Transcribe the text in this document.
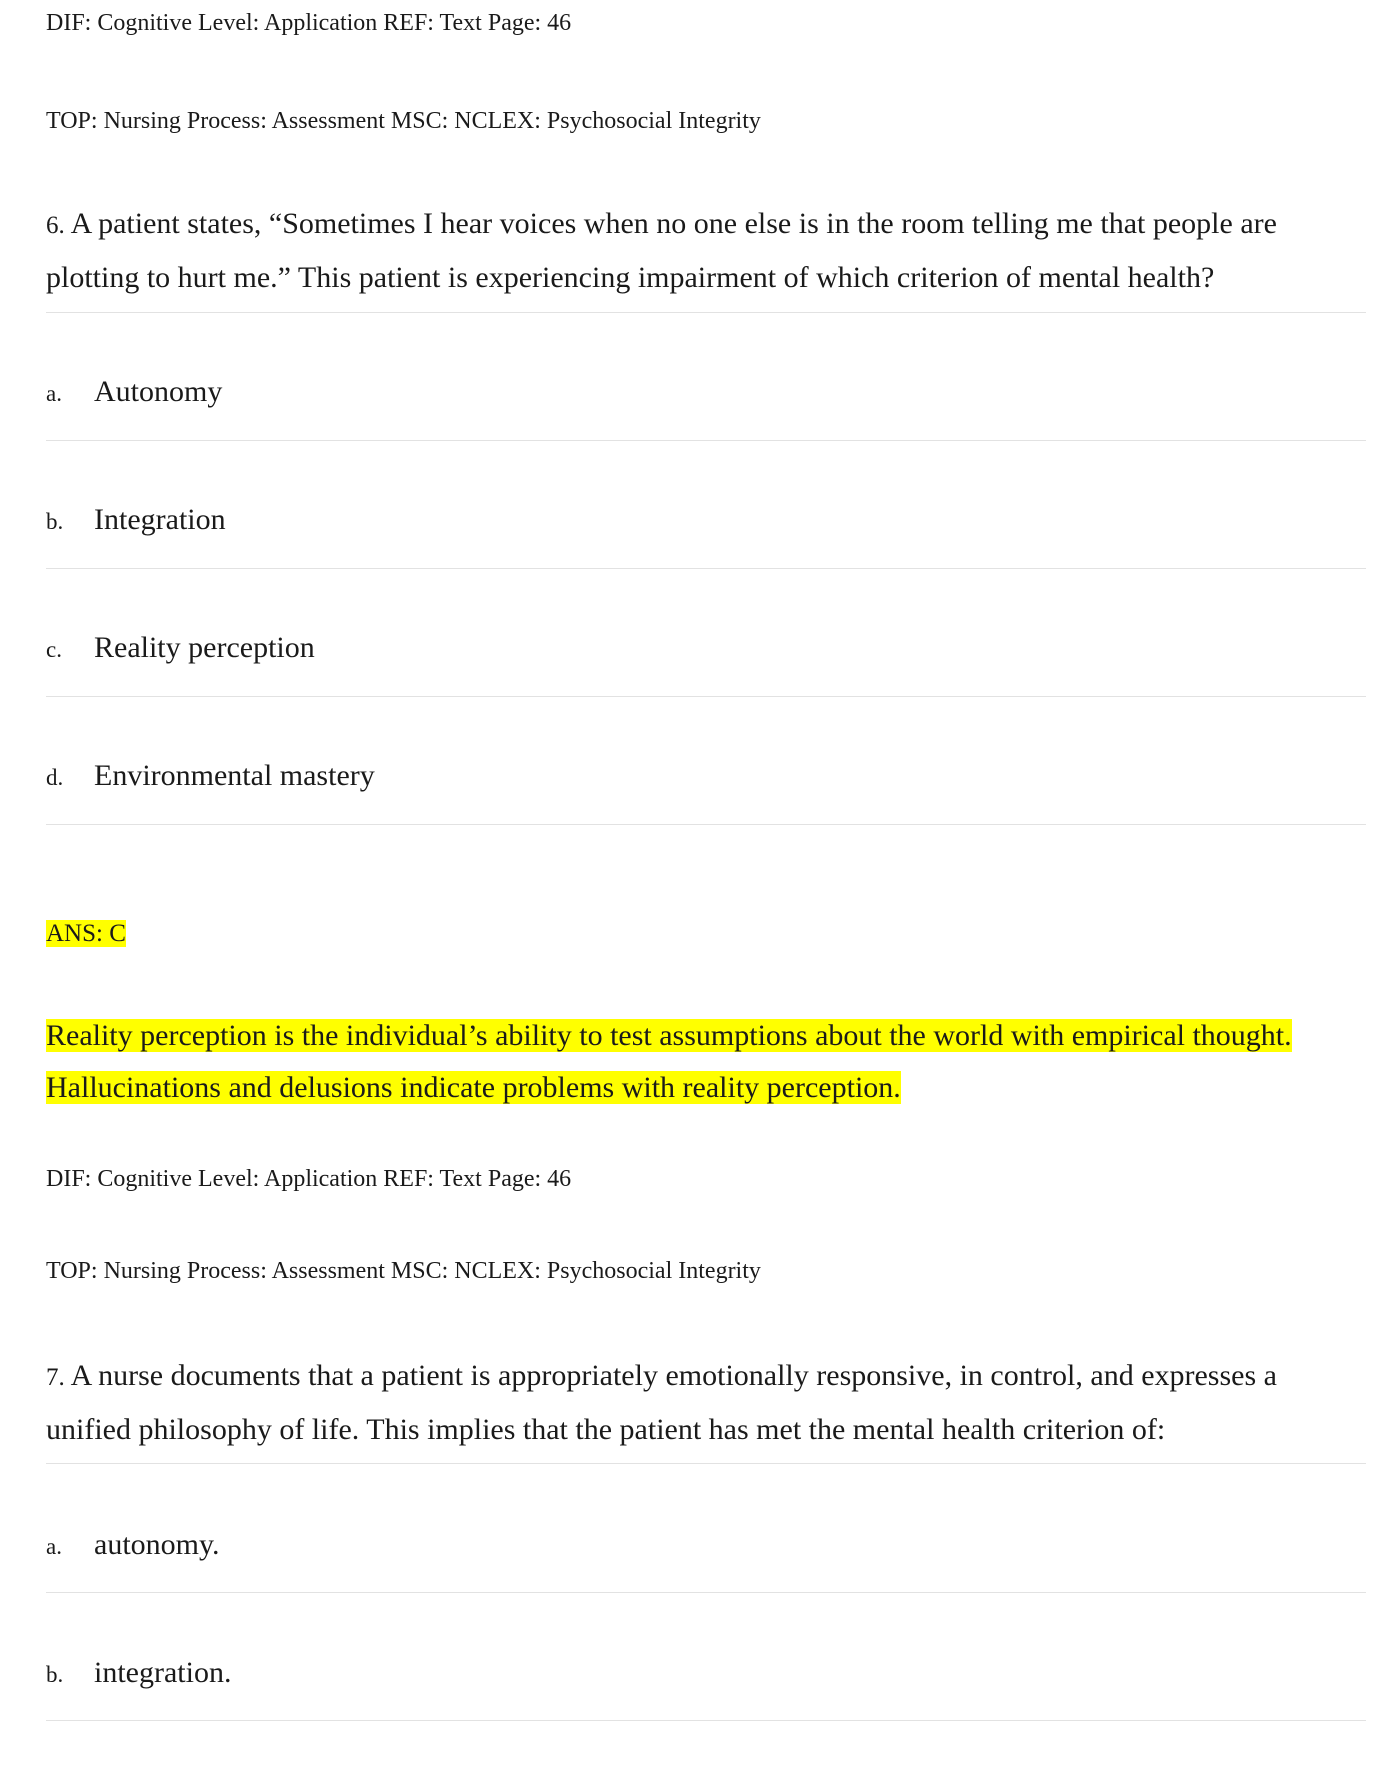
DIF: Cognitive Level: Application REF: Text Page: 46
TOP: Nursing Process: Assessment MSC: NCLEX: Psychosocial Integrity
6. A patient states, “Sometimes I hear voices when no one else is in the room telling me that people are plotting to hurt me.” This patient is experiencing impairment of which criterion of mental health?
a. Autonomy
b. Integration
c. Reality perception
d. Environmental mastery
ANS: C
Reality perception is the individual’s ability to test assumptions about the world with empirical thought.
Hallucinations and delusions indicate problems with reality perception.
DIF: Cognitive Level: Application REF: Text Page: 46
TOP: Nursing Process: Assessment MSC: NCLEX: Psychosocial Integrity
7. A nurse documents that a patient is appropriately emotionally responsive, in control, and expresses a unified philosophy of life. This implies that the patient has met the mental health criterion of:
a. autonomy.
b. integration.
